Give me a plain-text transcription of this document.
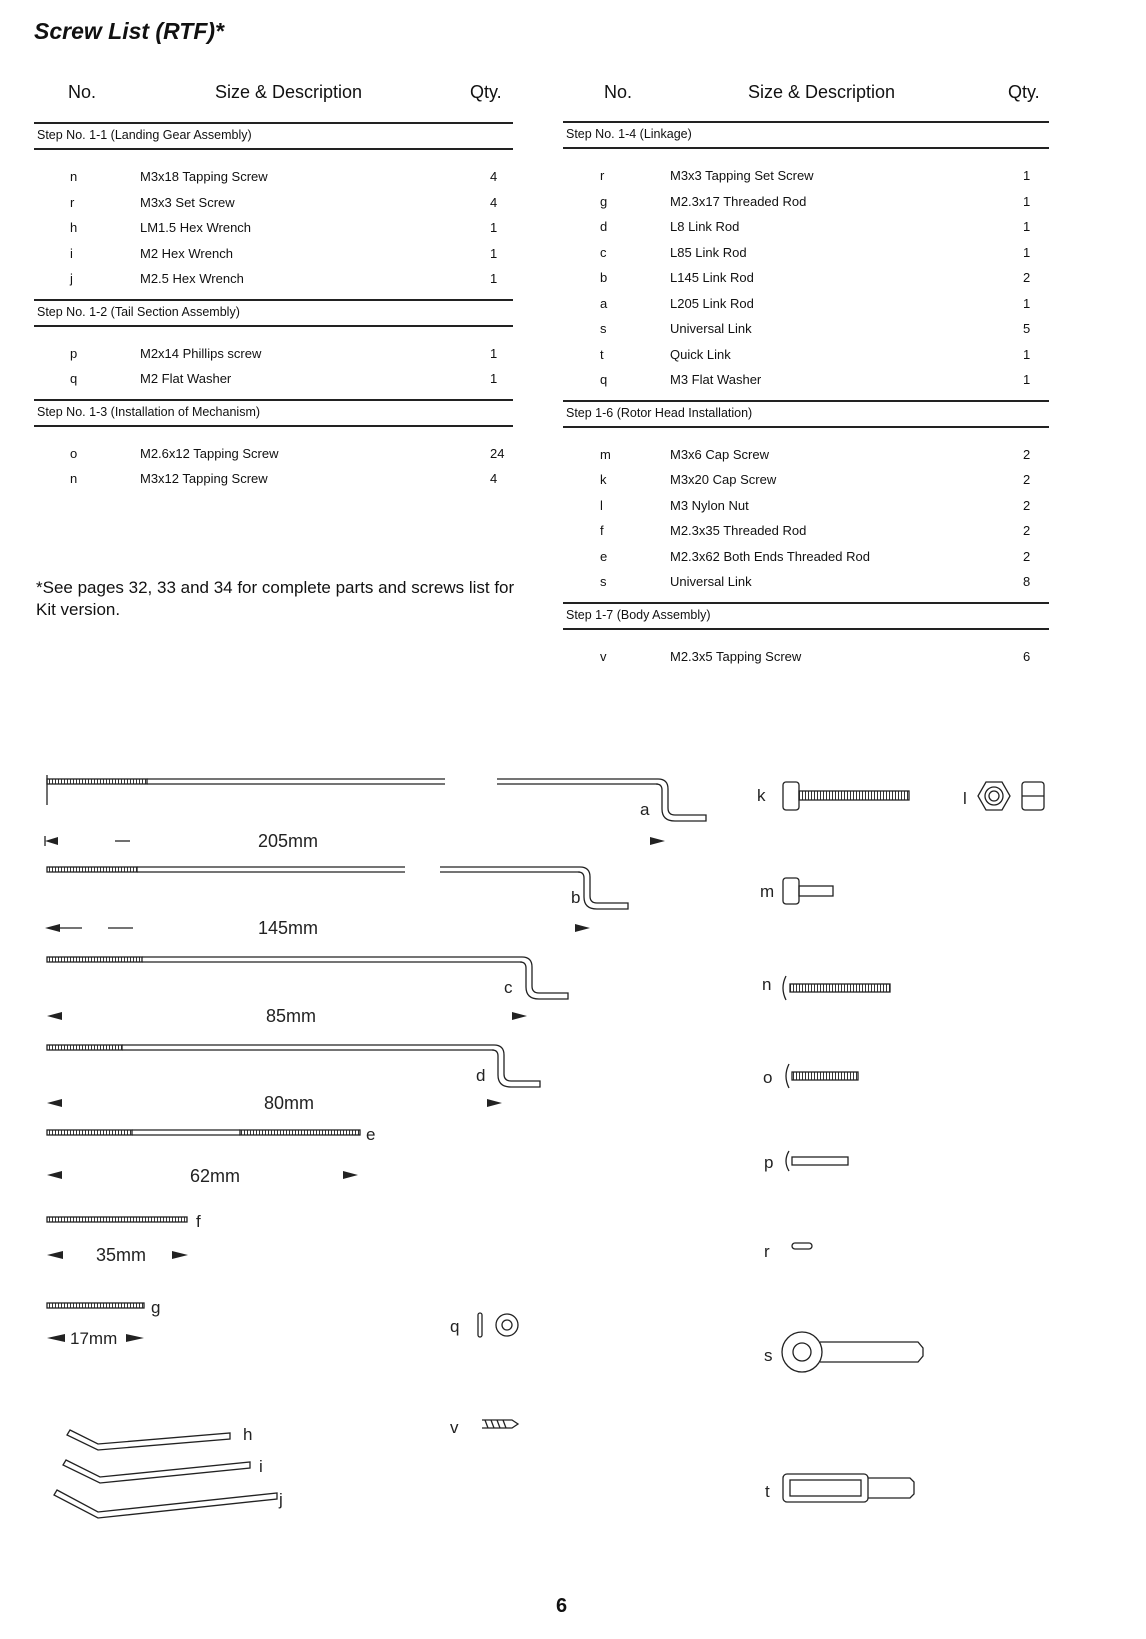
Screw List (RTF)*
No.	Size & Description	Qty.	No.	Size & Description	Qty.
Step No. 1-1 (Landing Gear Assembly)
n	M3x18 Tapping Screw	4
r	M3x3 Set Screw	4
h	LM1.5 Hex Wrench	1
i	M2 Hex Wrench	1
j	M2.5 Hex Wrench	1
Step No. 1-2 (Tail Section Assembly)
p	M2x14 Phillips screw	1
q	M2 Flat Washer	1
Step No. 1-3 (Installation of Mechanism)
o	M2.6x12 Tapping Screw	24
n	M3x12 Tapping Screw	4
Step No. 1-4 (Linkage)
r	M3x3 Tapping Set Screw	1
g	M2.3x17 Threaded Rod	1
d	L8 Link Rod	1
c	L85 Link Rod	1
b	L145 Link Rod	2
a	L205 Link Rod	1
s	Universal Link	5
t	Quick Link	1
q	M3 Flat Washer	1
Step 1-6 (Rotor Head Installation)
m	M3x6 Cap Screw	2
k	M3x20 Cap Screw	2
l	M3 Nylon Nut	2
f	M2.3x35 Threaded Rod	2
e	M2.3x62 Both Ends Threaded Rod	2
s	Universal Link	8
Step 1-7 (Body Assembly)
v	M2.3x5 Tapping Screw	6
*See pages 32, 33 and 34 for complete parts and screws list for Kit version.
a
205mm
b
145mm
c
85mm
d
80mm
e
62mm
f
35mm
g
17mm
h
i
j
q
v
k	l
m
n
o
p
r
s
t
6
